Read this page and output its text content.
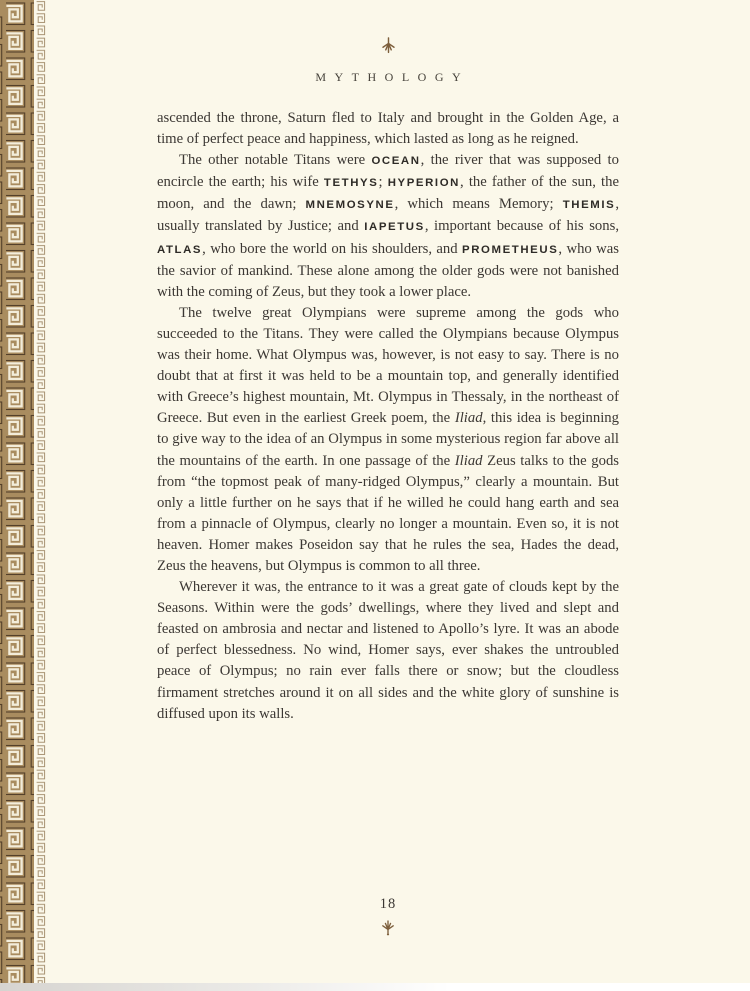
MYTHOLOGY

ascended the throne, Saturn fled to Italy and brought in the Golden Age, a time of perfect peace and happiness, which lasted as long as he reigned.

The other notable Titans were OCEAN, the river that was supposed to encircle the earth; his wife TETHYS; HYPERION, the father of the sun, the moon, and the dawn; MNEMOSYNE, which means Memory; THEMIS, usually translated by Justice; and IAPETUS, important because of his sons, ATLAS, who bore the world on his shoulders, and PROMETHEUS, who was the savior of mankind. These alone among the older gods were not banished with the coming of Zeus, but they took a lower place.

The twelve great Olympians were supreme among the gods who succeeded to the Titans. They were called the Olympians because Olympus was their home. What Olympus was, however, is not easy to say. There is no doubt that at first it was held to be a mountain top, and generally identified with Greece’s highest mountain, Mt. Olympus in Thessaly, in the northeast of Greece. But even in the earliest Greek poem, the Iliad, this idea is beginning to give way to the idea of an Olympus in some mysterious region far above all the mountains of the earth. In one passage of the Iliad Zeus talks to the gods from “the topmost peak of many-ridged Olympus,” clearly a mountain. But only a little further on he says that if he willed he could hang earth and sea from a pinnacle of Olympus, clearly no longer a mountain. Even so, it is not heaven. Homer makes Poseidon say that he rules the sea, Hades the dead, Zeus the heavens, but Olympus is common to all three.

Wherever it was, the entrance to it was a great gate of clouds kept by the Seasons. Within were the gods’ dwellings, where they lived and slept and feasted on ambrosia and nectar and listened to Apollo’s lyre. It was an abode of perfect blessedness. No wind, Homer says, ever shakes the untroubled peace of Olympus; no rain ever falls there or snow; but the cloudless firmament stretches around it on all sides and the white glory of sunshine is diffused upon its walls.

18
